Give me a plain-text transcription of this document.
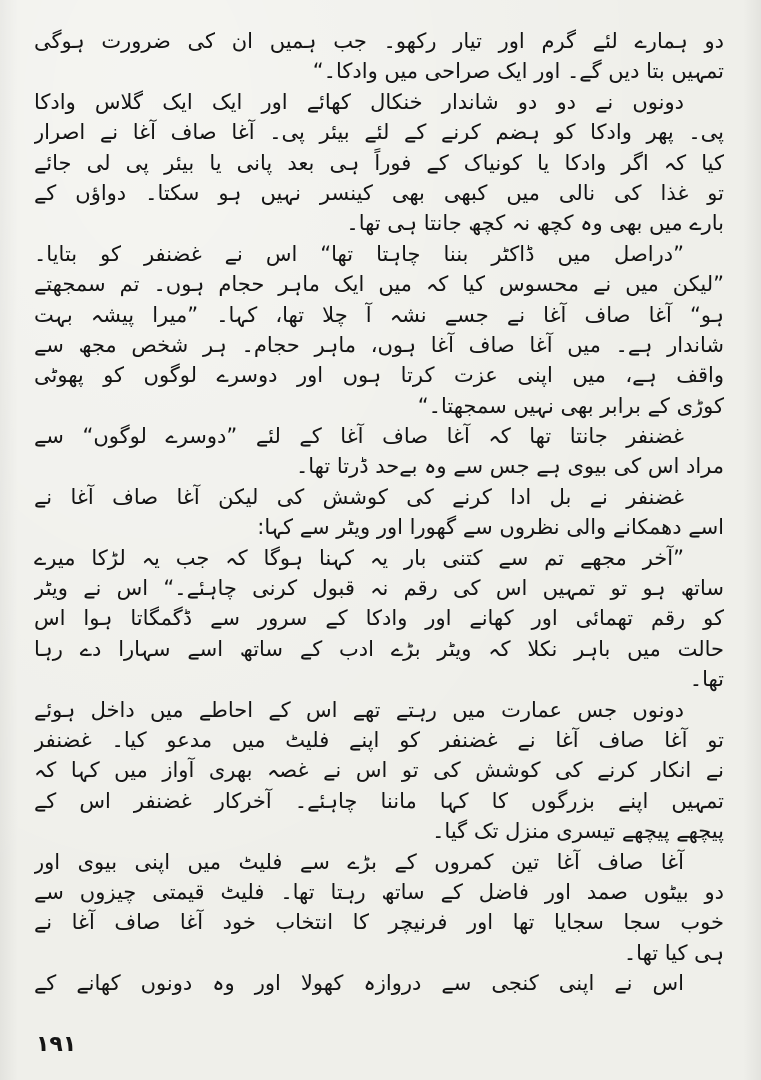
دو ہمارے لئے گرم اور تیار رکھو۔ جب ہمیں ان کی ضرورت ہوگی
تمہیں بتا دیں گے۔ اور ایک صراحی میں وادکا۔“
دونوں نے دو دو شاندار خنکال کھائے اور ایک ایک گلاس وادکا
پی۔ پھر وادکا کو ہضم کرنے کے لئے بیئر پی۔ آغا صاف آغا نے اصرار
کیا کہ اگر وادکا یا کونیاک کے فوراً ہی بعد پانی یا بیئر پی لی جائے
تو غذا کی نالی میں کبھی بھی کینسر نہیں ہو سکتا۔ دواؤں کے
بارے میں بھی وہ کچھ نہ کچھ جانتا ہی تھا۔
”دراصل میں ڈاکٹر بننا چاہتا تھا“ اس نے غضنفر کو بتایا۔
”لیکن میں نے محسوس کیا کہ میں ایک ماہر حجام ہوں۔ تم سمجھتے
ہو“ آغا صاف آغا نے جسے نشہ آ چلا تھا، کہا۔ ”میرا پیشہ بہت
شاندار ہے۔ میں آغا صاف آغا ہوں، ماہر حجام۔ ہر شخص مجھ سے
واقف ہے، میں اپنی عزت کرتا ہوں اور دوسرے لوگوں کو پھوٹی
کوڑی کے برابر بھی نہیں سمجھتا۔“
غضنفر جانتا تھا کہ آغا صاف آغا کے لئے ”دوسرے لوگوں“ سے
مراد اس کی بیوی ہے جس سے وہ بےحد ڈرتا تھا۔
غضنفر نے بل ادا کرنے کی کوشش کی لیکن آغا صاف آغا نے
اسے دھمکانے والی نظروں سے گھورا اور ویٹر سے کہا:
”آخر مجھے تم سے کتنی بار یہ کہنا ہوگا کہ جب یہ لڑکا میرے
ساتھ ہو تو تمہیں اس کی رقم نہ قبول کرنی چاہئے۔“ اس نے ویٹر
کو رقم تھمائی اور کھانے اور وادکا کے سرور سے ڈگمگاتا ہوا اس
حالت میں باہر نکلا کہ ویٹر بڑے ادب کے ساتھ اسے سہارا دے رہا
تھا۔
دونوں جس عمارت میں رہتے تھے اس کے احاطے میں داخل ہوئے
تو آغا صاف آغا نے غضنفر کو اپنے فلیٹ میں مدعو کیا۔ غضنفر
نے انکار کرنے کی کوشش کی تو اس نے غصہ بھری آواز میں کہا کہ
تمہیں اپنے بزرگوں کا کہا ماننا چاہئے۔ آخرکار غضنفر اس کے
پیچھے پیچھے تیسری منزل تک گیا۔
آغا صاف آغا تین کمروں کے بڑے سے فلیٹ میں اپنی بیوی اور
دو بیٹوں صمد اور فاضل کے ساتھ رہتا تھا۔ فلیٹ قیمتی چیزوں سے
خوب سجا سجایا تھا اور فرنیچر کا انتخاب خود آغا صاف آغا نے
ہی کیا تھا۔
اس نے اپنی کنجی سے دروازہ کھولا اور وہ دونوں کھانے کے
١٩١
